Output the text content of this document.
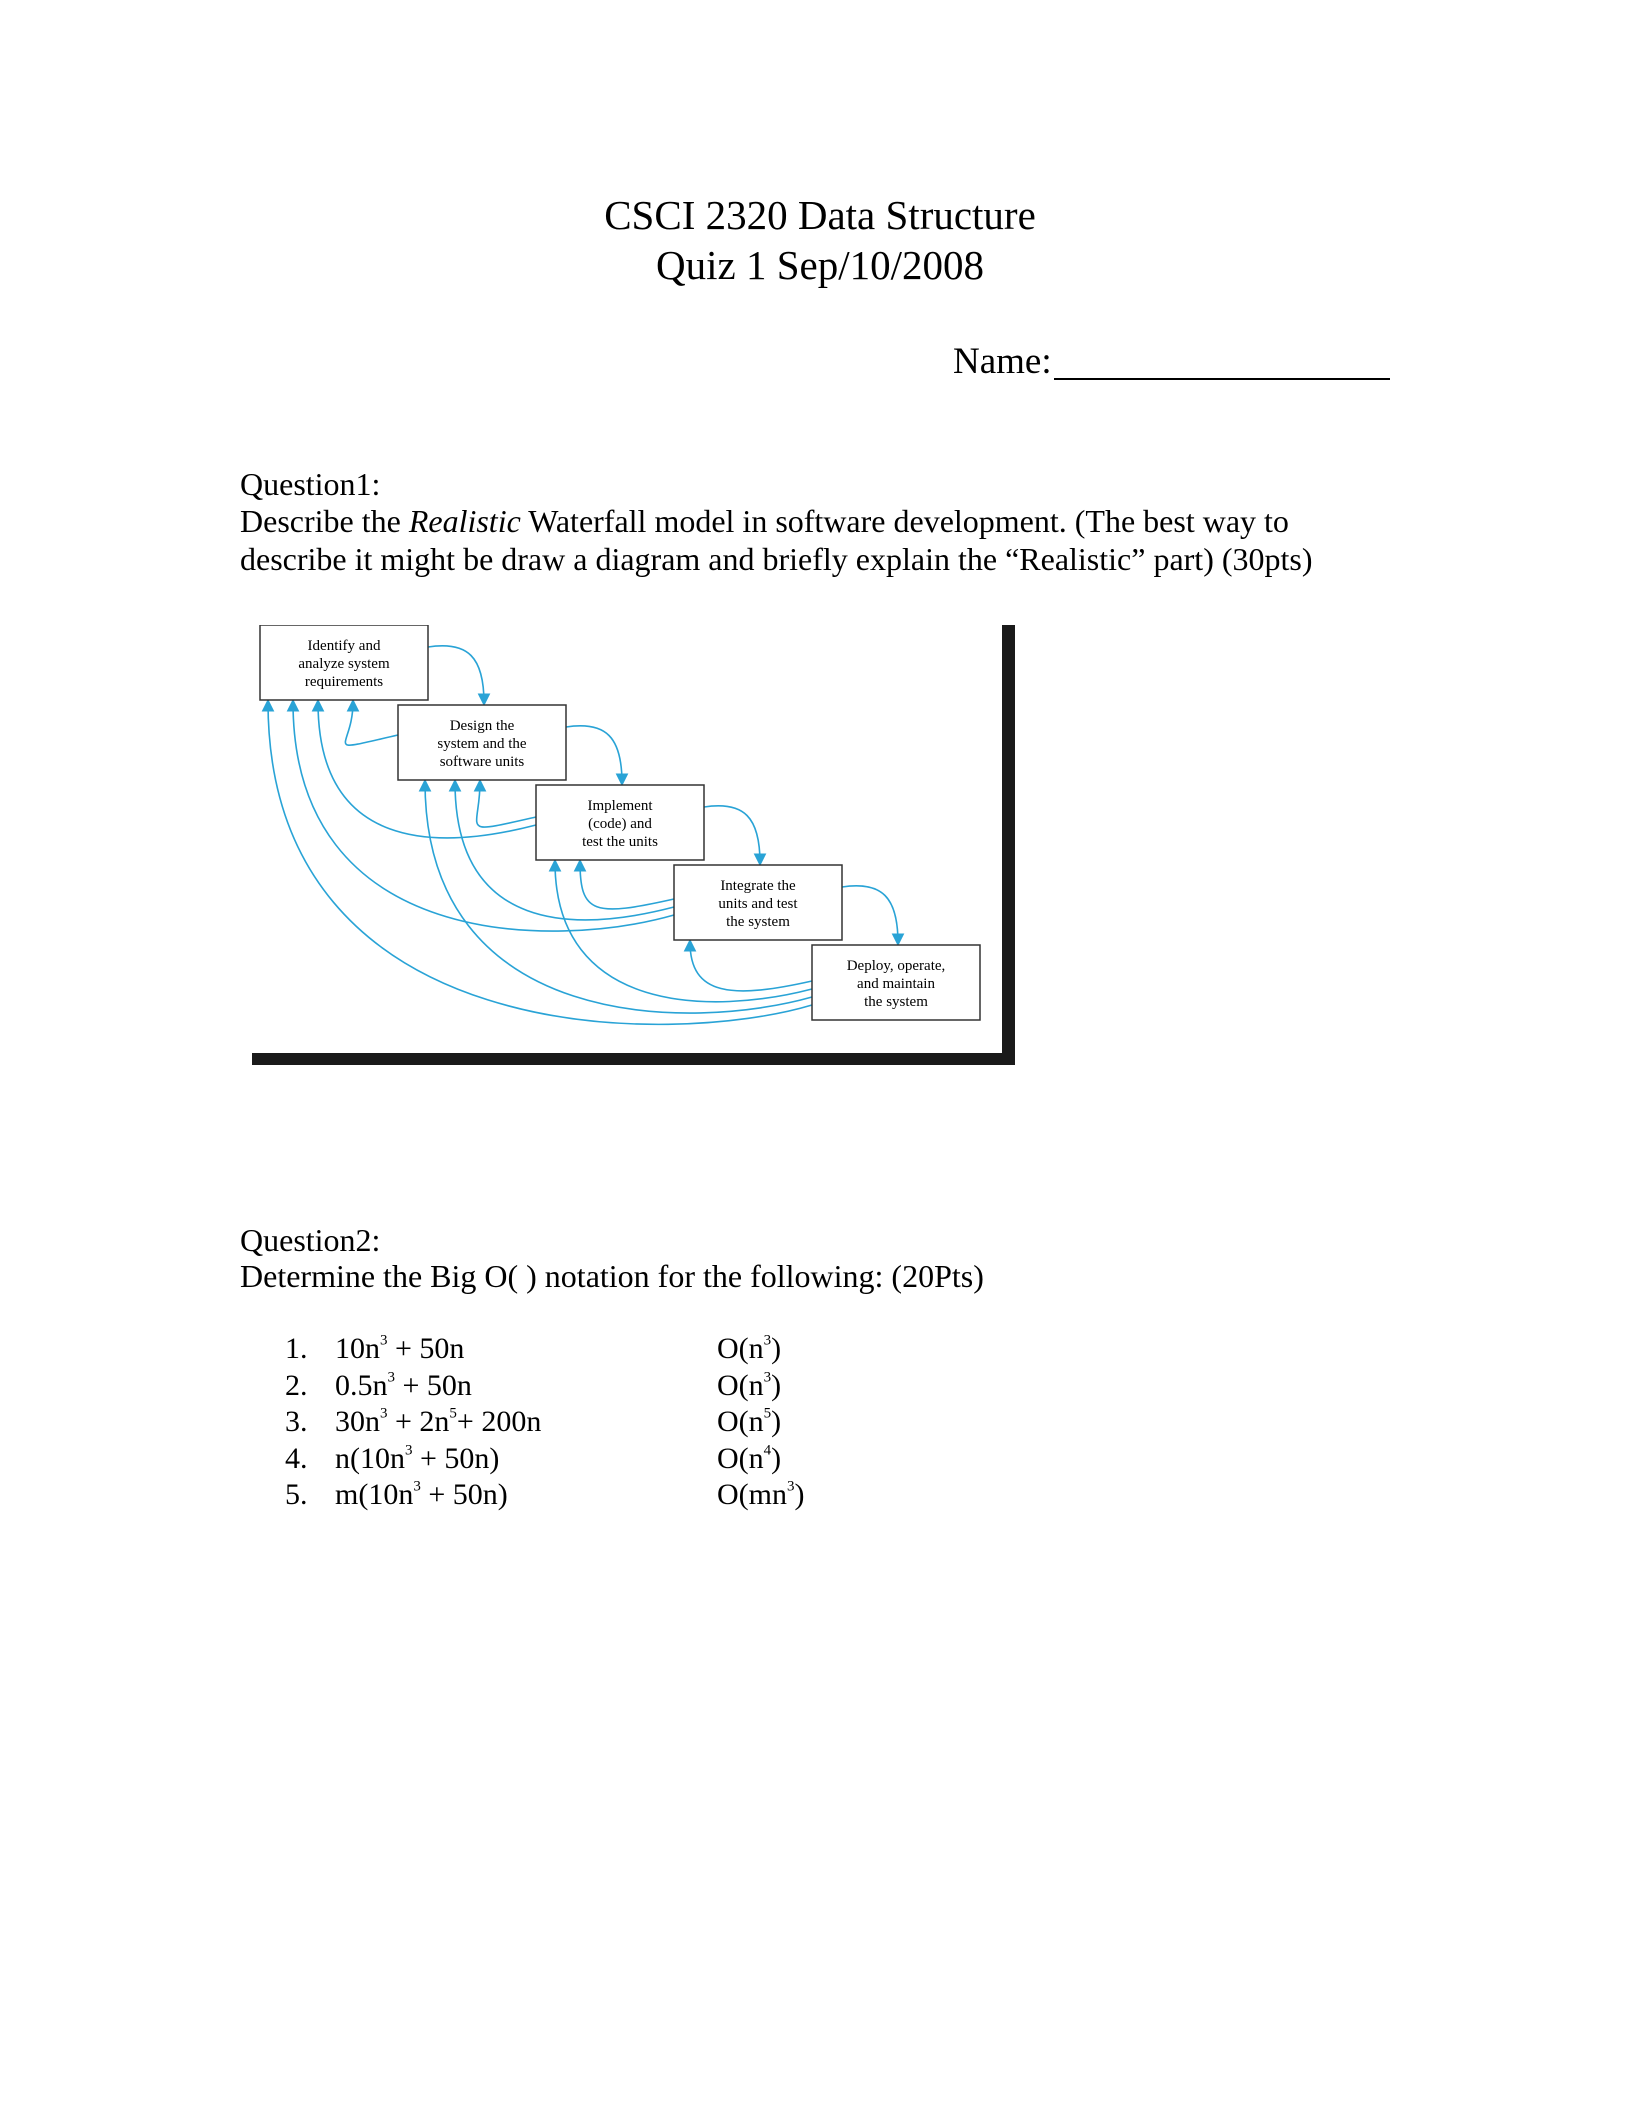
CSCI 2320 Data Structure
Quiz 1 Sep/10/2008
Name:
Question1:
Describe the Realistic Waterfall model in software development. (The best way to
describe it might be draw a diagram and briefly explain the “Realistic” part) (30pts)
Identify and
analyze system
requirements
Design the
system and the
software units
Implement
(code) and
test the units
Integrate the
units and test
the system
Deploy, operate,
and maintain
the system
Question2:
Determine the Big O( ) notation for the following: (20Pts)
1. $10n^3 + 50n$	$O(n^3)$
2. $0.5n^3 + 50n$	$O(n^3)$
3. $30n^3 + 2n^5+ 200n$	$O(n^5)$
4. $n(10n^3 + 50n)$	$O(n^4)$
5. $m(10n^3 + 50n)$	$O(mn^3)$
